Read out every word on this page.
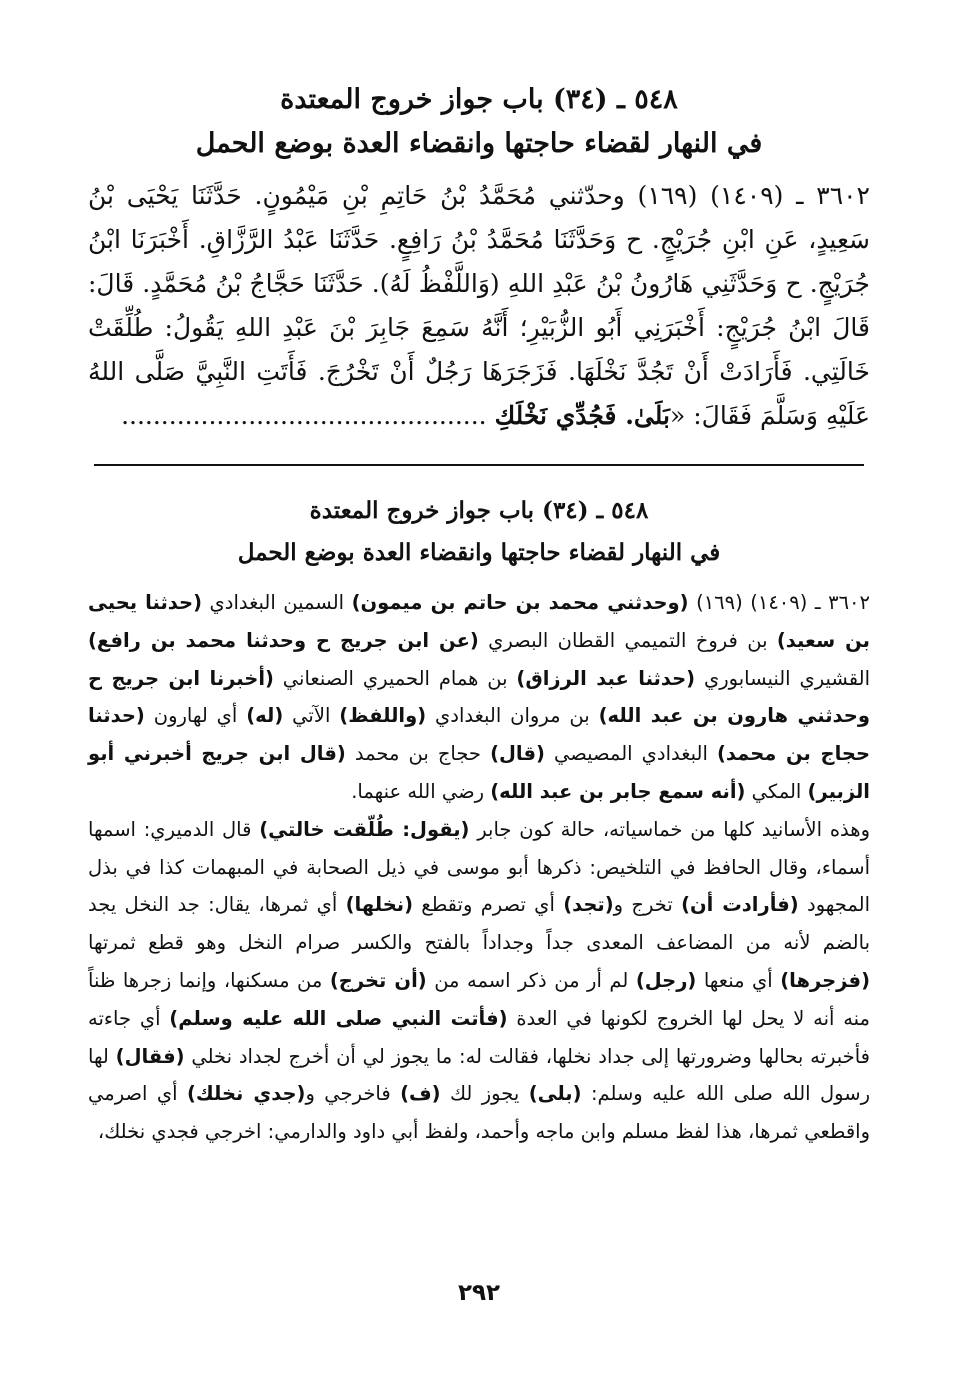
٥٤٨ ـ (٣٤) باب جواز خروج المعتدة
في النهار لقضاء حاجتها وانقضاء العدة بوضع الحمل
٣٦٠٢ ـ (١٤٠٩) (١٦٩) وحدّثني مُحَمَّدُ بْنُ حَاتِمِ بْنِ مَيْمُونٍ. حَدَّثَنَا يَحْيَى بْنُ سَعِيدٍ، عَنِ ابْنِ جُرَيْجٍ. ح وَحَدَّثَنَا مُحَمَّدُ بْنُ رَافِعٍ. حَدَّثَنَا عَبْدُ الرَّزَّاقِ. أَخْبَرَنَا ابْنُ جُرَيْجٍ. ح وَحَدَّثَنِي هَارُونُ بْنُ عَبْدِ اللهِ (وَاللَّفْظُ لَهُ). حَدَّثَنَا حَجَّاجُ بْنُ مُحَمَّدٍ. قَالَ: قَالَ ابْنُ جُرَيْجٍ: أَخْبَرَنِي أَبُو الزُّبَيْرِ؛ أَنَّهُ سَمِعَ جَابِرَ بْنَ عَبْدِ اللهِ يَقُولُ: طُلِّقَتْ خَالَتِي. فَأَرَادَتْ أَنْ تَجُدَّ نَخْلَهَا. فَزَجَرَهَا رَجُلٌ أَنْ تَخْرُجَ. فَأَتَتِ النَّبِيَّ صَلَّى اللهُ عَلَيْهِ وَسَلَّمَ فَقَالَ: «بَلَىٰ. فَجُدِّي نَخْلَكِ ..............................................
٥٤٨ ـ (٣٤) باب جواز خروج المعتدة
في النهار لقضاء حاجتها وانقضاء العدة بوضع الحمل

٣٦٠٢ ـ (١٤٠٩) (١٦٩) (وحدثني محمد بن حاتم بن ميمون) السمين البغدادي (حدثنا يحيى بن سعيد) بن فروخ التميمي القطان البصري (عن ابن جريج ح وحدثنا محمد بن رافع) القشيري النيسابوري (حدثنا عبد الرزاق) بن همام الحميري الصنعاني (أخبرنا ابن جريج ح وحدثني هارون بن عبد الله) بن مروان البغدادي (واللفظ) الآتي (له) أي لهارون (حدثنا حجاج بن محمد) البغدادي المصيصي (قال) حجاج بن محمد (قال ابن جريج أخبرني أبو الزبير) المكي (أنه سمع جابر بن عبد الله) رضي الله عنهما.

وهذه الأسانيد كلها من خماسياته، حالة كون جابر (يقول: طُلّقت خالتي) قال الدميري: اسمها أسماء، وقال الحافظ في التلخيص: ذكرها أبو موسى في ذيل الصحابة في المبهمات كذا في بذل المجهود (فأرادت أن) تخرج و(تجد) أي تصرم وتقطع (نخلها) أي ثمرها، يقال: جد النخل يجد بالضم لأنه من المضاعف المعدى جداً وجداداً بالفتح والكسر صرام النخل وهو قطع ثمرتها (فزجرها) أي منعها (رجل) لم أر من ذكر اسمه من (أن تخرج) من مسكنها، وإنما زجرها ظناً منه أنه لا يحل لها الخروج لكونها في العدة (فأتت النبي صلى الله عليه وسلم) أي جاءته فأخبرته بحالها وضرورتها إلى جداد نخلها، فقالت له: ما يجوز لي أن أخرج لجداد نخلي (فقال) لها رسول الله صلى الله عليه وسلم: (بلى) يجوز لك (ف) فاخرجي و(جدي نخلك) أي اصرمي واقطعي ثمرها، هذا لفظ مسلم وابن ماجه وأحمد، ولفظ أبي داود والدارمي: اخرجي فجدي نخلك،

٢٩٢
